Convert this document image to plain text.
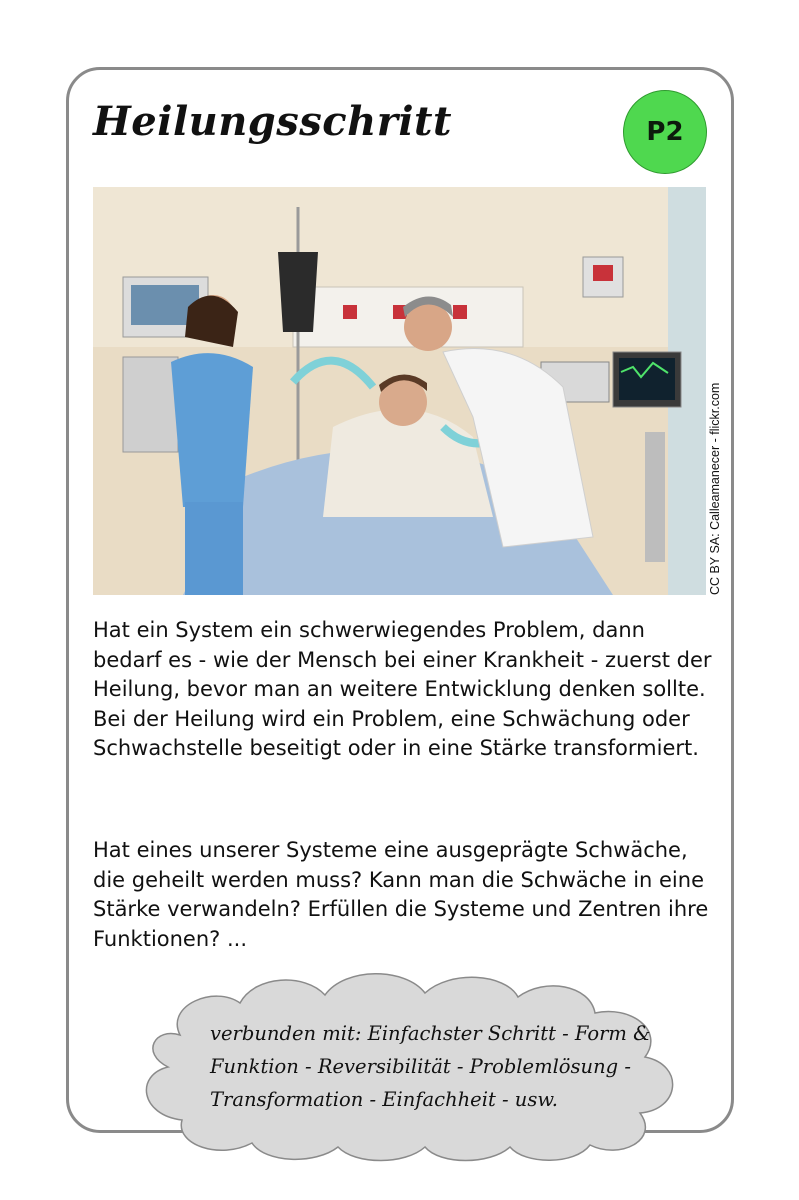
Heilungsschritt	P2
CC BY SA: Calleamanecer - flickr.com

Hat ein System ein schwerwiegendes Problem, dann bedarf es - wie der Mensch bei einer Krankheit - zuerst der Heilung, bevor man an weitere Entwicklung denken sollte. Bei der Heilung wird ein Problem, eine Schwächung oder Schwachstelle beseitigt oder in eine Stärke transformiert.

Hat eines unserer Systeme eine ausgeprägte Schwäche, die geheilt werden muss? Kann man die Schwäche in eine Stärke verwandeln? Erfüllen die Systeme und Zentren ihre Funktionen? ...

verbunden mit: Einfachster Schritt - Form & Funktion - Reversibilität - Problemlösung - Transformation - Einfachheit - usw.
